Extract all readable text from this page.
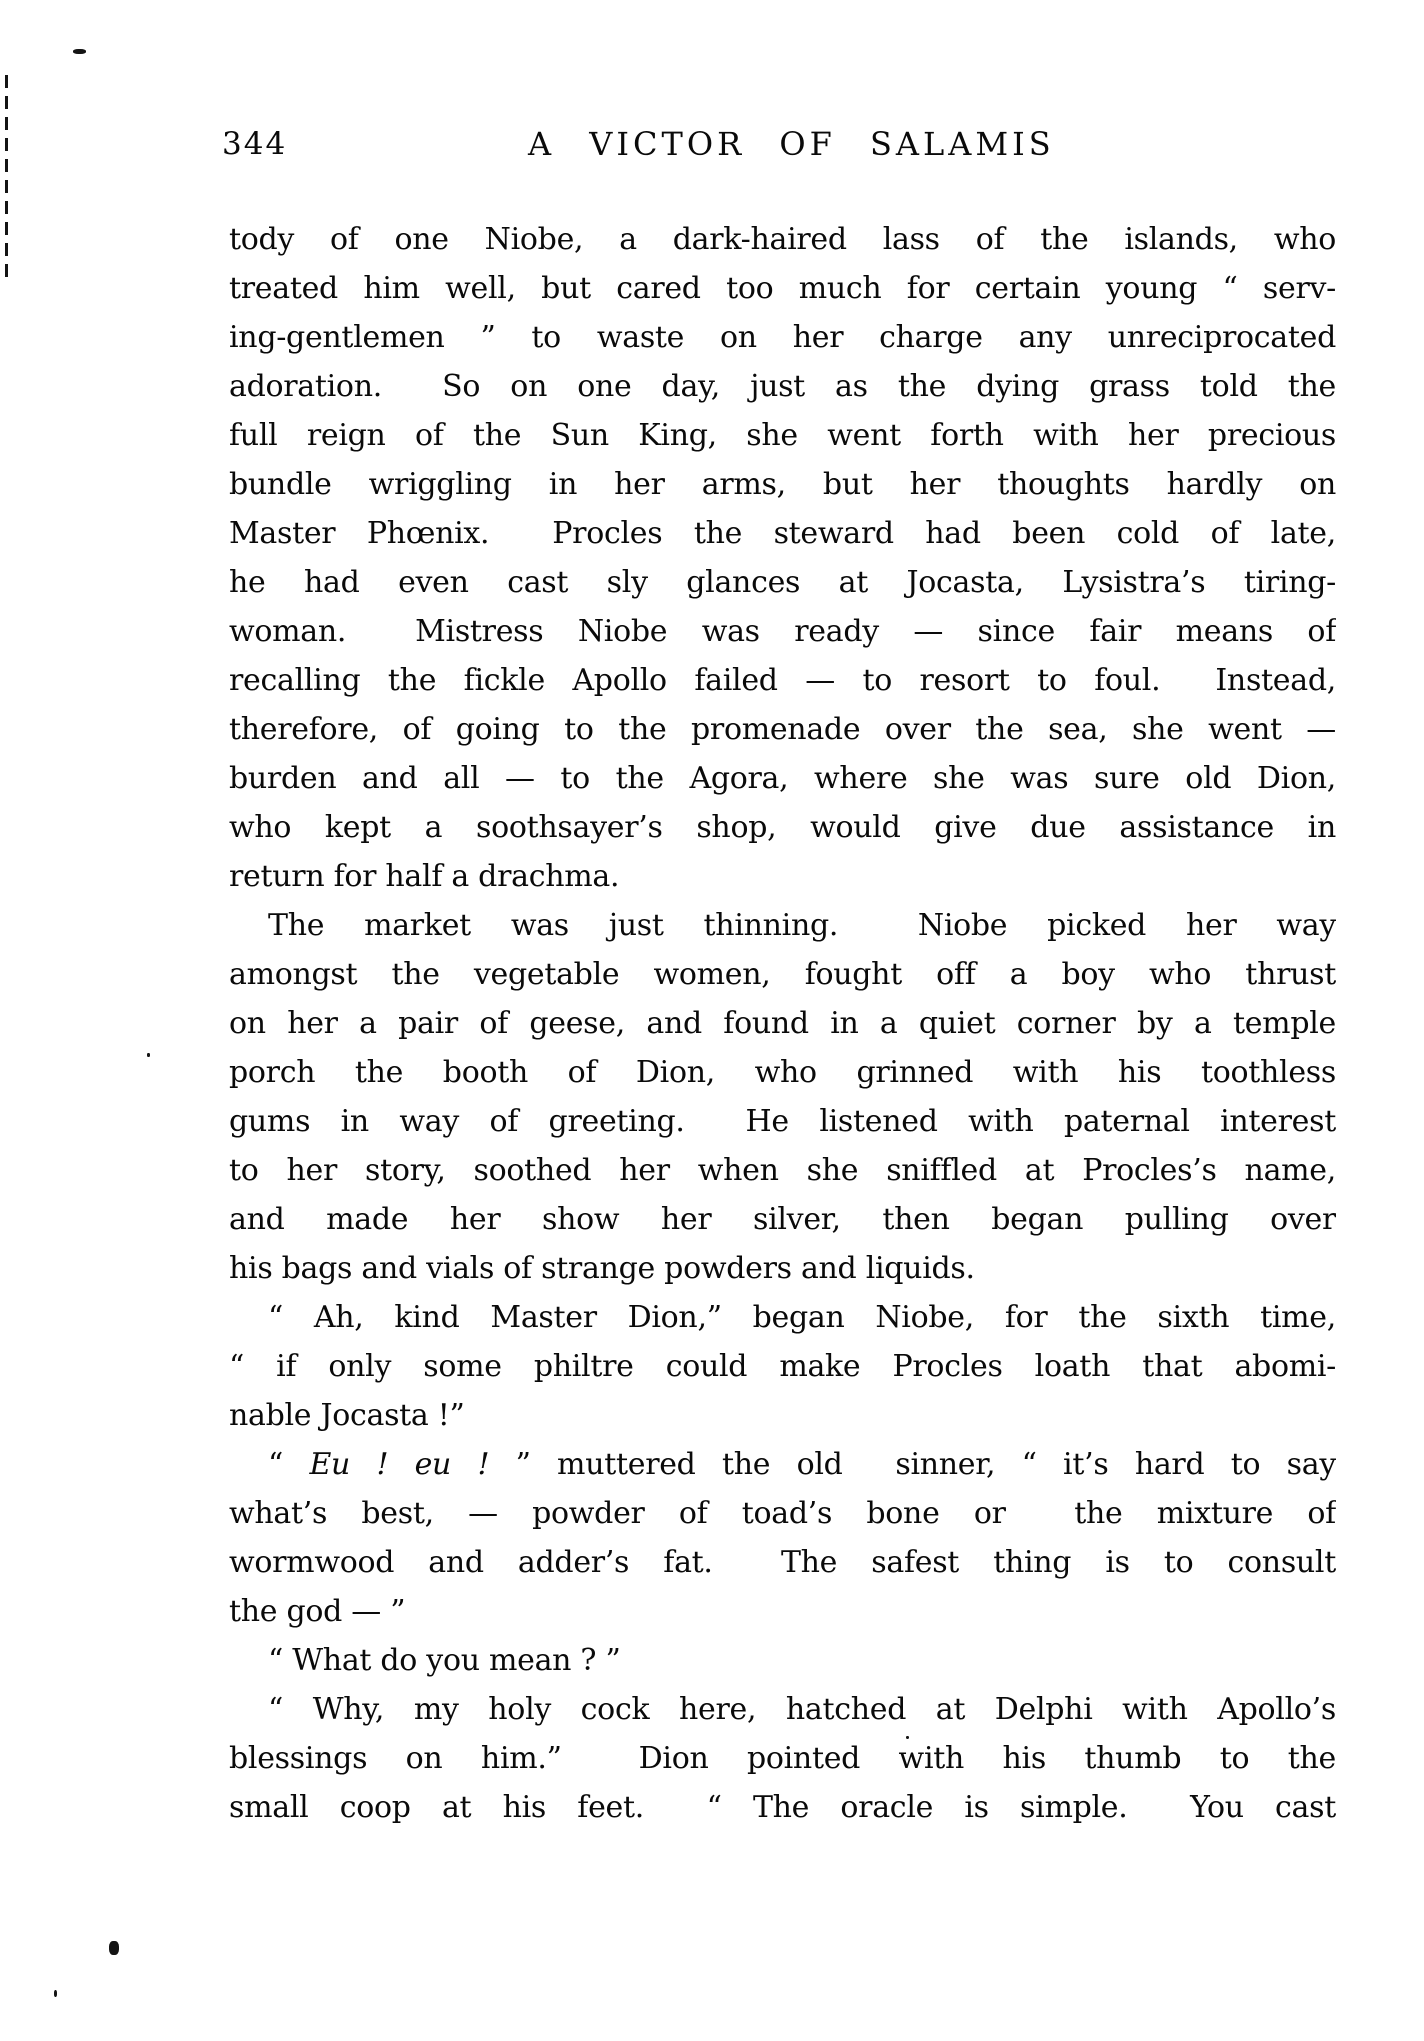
344	A VICTOR OF SALAMIS
tody of one Niobe, a dark-haired lass of the islands, who
treated him well, but cared too much for certain young “ serv-
ing-gentlemen ” to waste on her charge any unreciprocated
adoration.  So on one day, just as the dying grass told the
full reign of the Sun King, she went forth with her precious
bundle wriggling in her arms, but her thoughts hardly on
Master Phœnix.  Procles the steward had been cold of late,
he had even cast sly glances at Jocasta, Lysistra’s tiring-
woman.  Mistress Niobe was ready — since fair means of
recalling the fickle Apollo failed — to resort to foul.  Instead,
therefore, of going to the promenade over the sea, she went —
burden and all — to the Agora, where she was sure old Dion,
who kept a soothsayer’s shop, would give due assistance in
return for half a drachma.
The market was just thinning.  Niobe picked her way
amongst the vegetable women, fought off a boy who thrust
on her a pair of geese, and found in a quiet corner by a temple
porch the booth of Dion, who grinned with his toothless
gums in way of greeting.  He listened with paternal interest
to her story, soothed her when she sniffled at Procles’s name,
and made her show her silver, then began pulling over
his bags and vials of strange powders and liquids.
“ Ah, kind Master Dion,” began Niobe, for the sixth time,
“ if only some philtre could make Procles loath that abomi-
nable Jocasta !”
“ Eu ! eu ! ” muttered the old  sinner, “ it’s hard to say
what’s best, — powder of toad’s bone or  the mixture of
wormwood and adder’s fat.  The safest thing is to consult
the god — ”
“ What do you mean ? ”
“ Why, my holy cock here, hatched at Delphi with Apollo’s
blessings on him.”  Dion pointed with his thumb to the
small coop at his feet.  “ The oracle is simple.  You cast
